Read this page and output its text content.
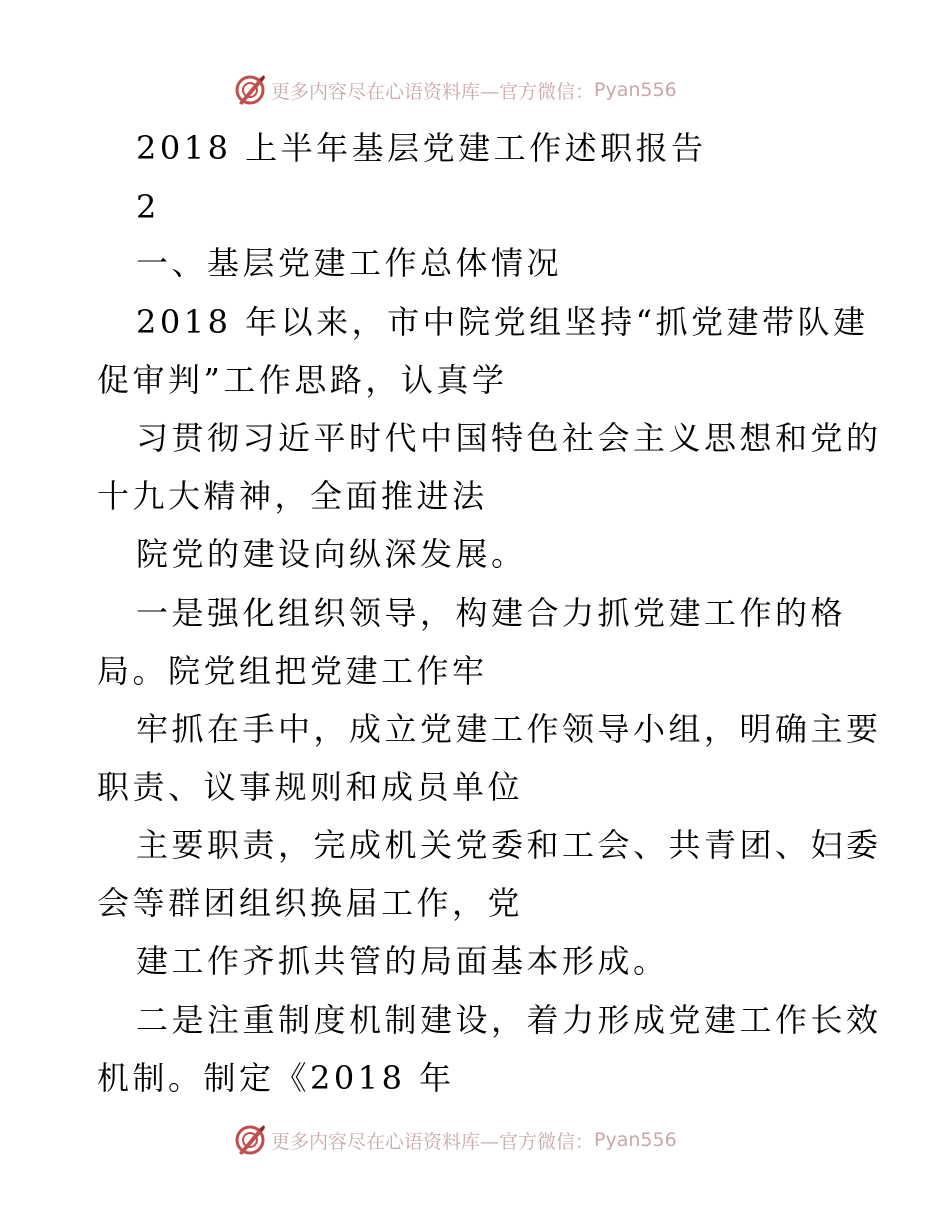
更多内容尽在心语资料库—官方微信： Pyan556
2018 上半年基层党建工作述职报告
2
一、基层党建工作总体情况
2018 年以来，市中院党组坚持“抓党建带队建
促审判”工作思路，认真学
习贯彻习近平时代中国特色社会主义思想和党的
十九大精神，全面推进法
院党的建设向纵深发展。
一是强化组织领导，构建合力抓党建工作的格
局。院党组把党建工作牢
牢抓在手中，成立党建工作领导小组，明确主要
职责、议事规则和成员单位
主要职责，完成机关党委和工会、共青团、妇委
会等群团组织换届工作，党
建工作齐抓共管的局面基本形成。
二是注重制度机制建设，着力形成党建工作长效
机制。制定《2018 年
更多内容尽在心语资料库—官方微信： Pyan556
